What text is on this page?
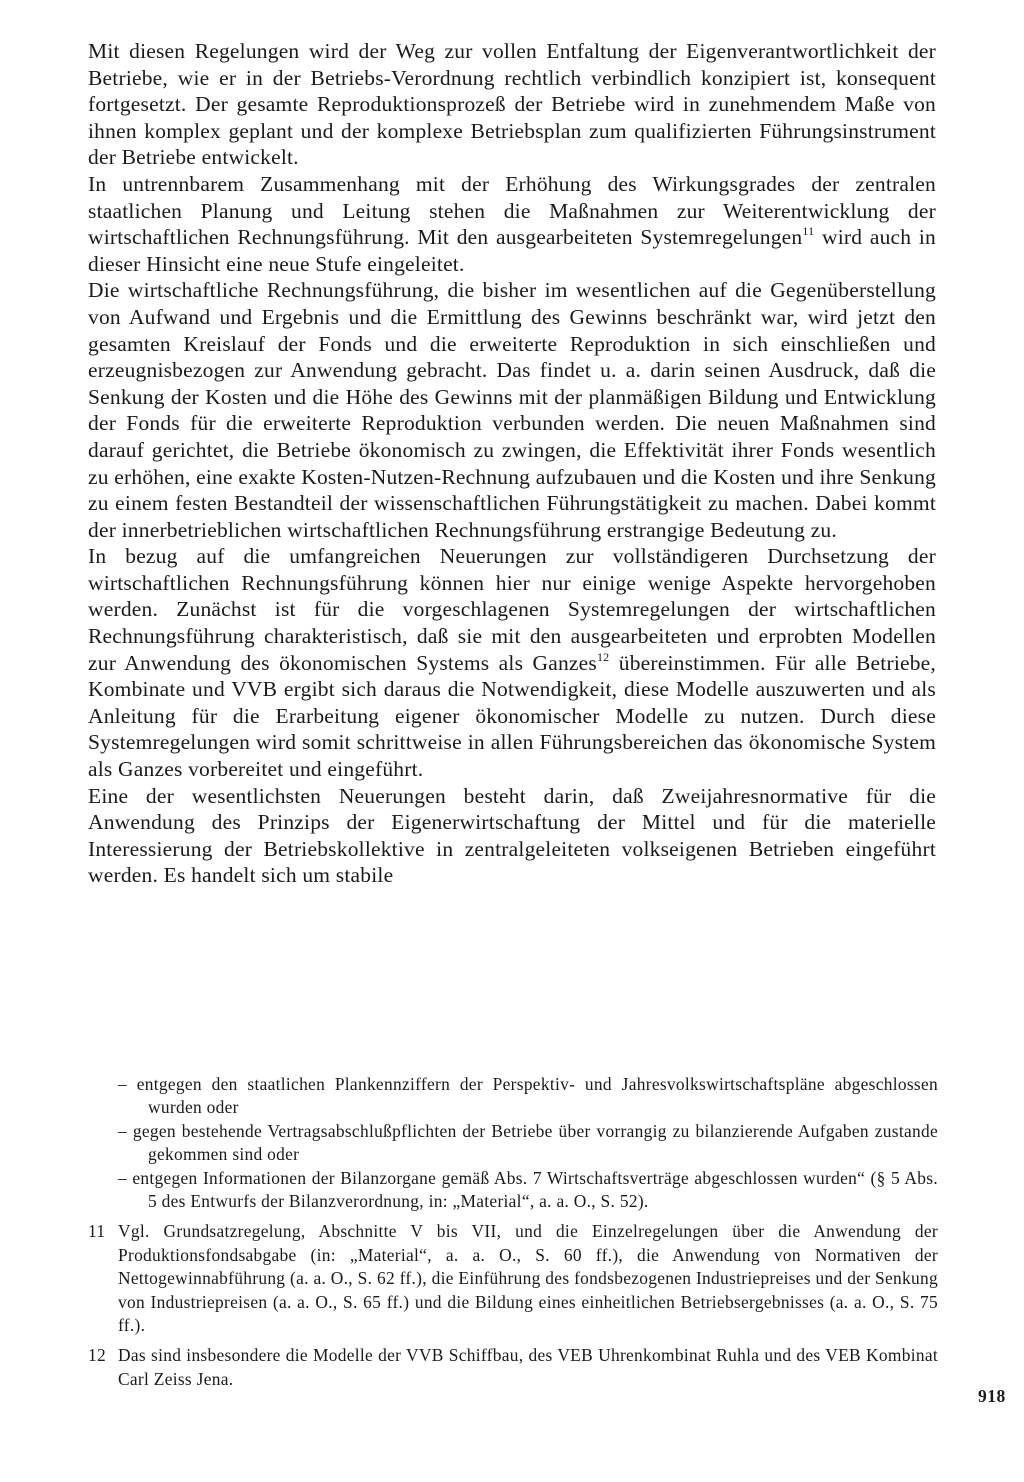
Mit diesen Regelungen wird der Weg zur vollen Entfaltung der Eigenverantwortlichkeit der Betriebe, wie er in der Betriebs-Verordnung rechtlich verbindlich konzipiert ist, konsequent fortgesetzt. Der gesamte Reproduktionsprozeß der Betriebe wird in zunehmendem Maße von ihnen komplex geplant und der komplexe Betriebsplan zum qualifizierten Führungsinstrument der Betriebe entwickelt.

In untrennbarem Zusammenhang mit der Erhöhung des Wirkungsgrades der zentralen staatlichen Planung und Leitung stehen die Maßnahmen zur Weiterentwicklung der wirtschaftlichen Rechnungsführung. Mit den ausgearbeiteten Systemregelungen$^{11}$ wird auch in dieser Hinsicht eine neue Stufe eingeleitet.

Die wirtschaftliche Rechnungsführung, die bisher im wesentlichen auf die Gegenüberstellung von Aufwand und Ergebnis und die Ermittlung des Gewinns beschränkt war, wird jetzt den gesamten Kreislauf der Fonds und die erweiterte Reproduktion in sich einschließen und erzeugnisbezogen zur Anwendung gebracht. Das findet u. a. darin seinen Ausdruck, daß die Senkung der Kosten und die Höhe des Gewinns mit der planmäßigen Bildung und Entwicklung der Fonds für die erweiterte Reproduktion verbunden werden. Die neuen Maßnahmen sind darauf gerichtet, die Betriebe ökonomisch zu zwingen, die Effektivität ihrer Fonds wesentlich zu erhöhen, eine exakte Kosten-Nutzen-Rechnung aufzubauen und die Kosten und ihre Senkung zu einem festen Bestandteil der wissenschaftlichen Führungstätigkeit zu machen. Dabei kommt der innerbetrieblichen wirtschaftlichen Rechnungsführung erstrangige Bedeutung zu.

In bezug auf die umfangreichen Neuerungen zur vollständigeren Durchsetzung der wirtschaftlichen Rechnungsführung können hier nur einige wenige Aspekte hervorgehoben werden. Zunächst ist für die vorgeschlagenen Systemregelungen der wirtschaftlichen Rechnungsführung charakteristisch, daß sie mit den ausgearbeiteten und erprobten Modellen zur Anwendung des ökonomischen Systems als Ganzes$^{12}$ übereinstimmen. Für alle Betriebe, Kombinate und VVB ergibt sich daraus die Notwendigkeit, diese Modelle auszuwerten und als Anleitung für die Erarbeitung eigener ökonomischer Modelle zu nutzen. Durch diese Systemregelungen wird somit schrittweise in allen Führungsbereichen das ökonomische System als Ganzes vorbereitet und eingeführt.

Eine der wesentlichsten Neuerungen besteht darin, daß Zweijahresnormative für die Anwendung des Prinzips der Eigenerwirtschaftung der Mittel und für die materielle Interessierung der Betriebskollektive in zentralgeleiteten volkseigenen Betrieben eingeführt werden. Es handelt sich um stabile

– entgegen den staatlichen Plankennziffern der Perspektiv- und Jahresvolkswirtschaftspläne abgeschlossen wurden oder

– gegen bestehende Vertragsabschlußpflichten der Betriebe über vorrangig zu bilanzierende Aufgaben zustande gekommen sind oder

– entgegen Informationen der Bilanzorgane gemäß Abs. 7 Wirtschaftsverträge abgeschlossen wurden“ (§ 5 Abs. 5 des Entwurfs der Bilanzverordnung, in: „Material“, a. a. O., S. 52).

11 Vgl. Grundsatzregelung, Abschnitte V bis VII, und die Einzelregelungen über die Anwendung der Produktionsfondsabgabe (in: „Material“, a. a. O., S. 60 ff.), die Anwendung von Normativen der Nettogewinnabführung (a. a. O., S. 62 ff.), die Einführung des fondsbezogenen Industriepreises und der Senkung von Industriepreisen (a. a. O., S. 65 ff.) und die Bildung eines einheitlichen Betriebsergebnisses (a. a. O., S. 75 ff.).
12 Das sind insbesondere die Modelle der VVB Schiffbau, des VEB Uhrenkombinat Ruhla und des VEB Kombinat Carl Zeiss Jena.
918
